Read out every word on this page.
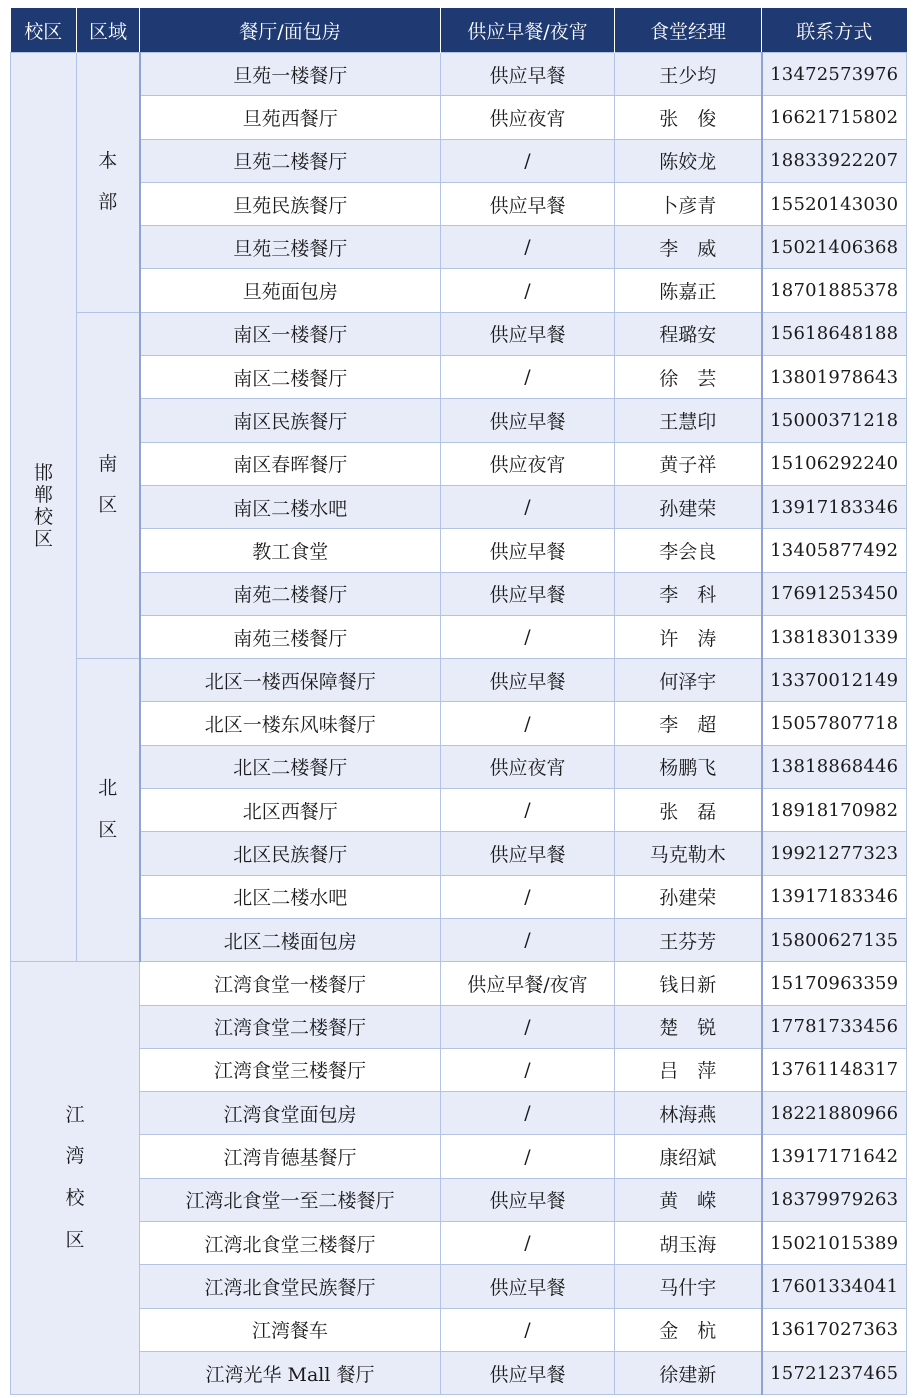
校区	区域	餐厅/面包房	供应早餐/夜宵	食堂经理	联系方式
邯郸校区	本部	旦苑一楼餐厅	供应早餐	王少均	13472573976
		旦苑西餐厅	供应夜宵	张　俊	16621715802
		旦苑二楼餐厅	/	陈姣龙	18833922207
		旦苑民族餐厅	供应早餐	卜彦青	15520143030
		旦苑三楼餐厅	/	李　威	15021406368
		旦苑面包房	/	陈嘉正	18701885378
	南区	南区一楼餐厅	供应早餐	程璐安	15618648188
		南区二楼餐厅	/	徐　芸	13801978643
		南区民族餐厅	供应早餐	王慧印	15000371218
		南区春晖餐厅	供应夜宵	黄子祥	15106292240
		南区二楼水吧	/	孙建荣	13917183346
		教工食堂	供应早餐	李会良	13405877492
		南苑二楼餐厅	供应早餐	李　科	17691253450
		南苑三楼餐厅	/	许　涛	13818301339
	北区	北区一楼西保障餐厅	供应早餐	何泽宇	13370012149
		北区一楼东风味餐厅	/	李　超	15057807718
		北区二楼餐厅	供应夜宵	杨鹏飞	13818868446
		北区西餐厅	/	张　磊	18918170982
		北区民族餐厅	供应早餐	马克勒木	19921277323
		北区二楼水吧	/	孙建荣	13917183346
		北区二楼面包房	/	王芬芳	15800627135
江湾校区		江湾食堂一楼餐厅	供应早餐/夜宵	钱日新	15170963359
		江湾食堂二楼餐厅	/	楚　锐	17781733456
		江湾食堂三楼餐厅	/	吕　萍	13761148317
		江湾食堂面包房	/	林海燕	18221880966
		江湾肯德基餐厅	/	康绍斌	13917171642
		江湾北食堂一至二楼餐厅	供应早餐	黄　嵘	18379979263
		江湾北食堂三楼餐厅	/	胡玉海	15021015389
		江湾北食堂民族餐厅	供应早餐	马什宇	17601334041
		江湾餐车	/	金　杭	13617027363
		江湾光华 Mall 餐厅	供应早餐	徐建新	15721237465
